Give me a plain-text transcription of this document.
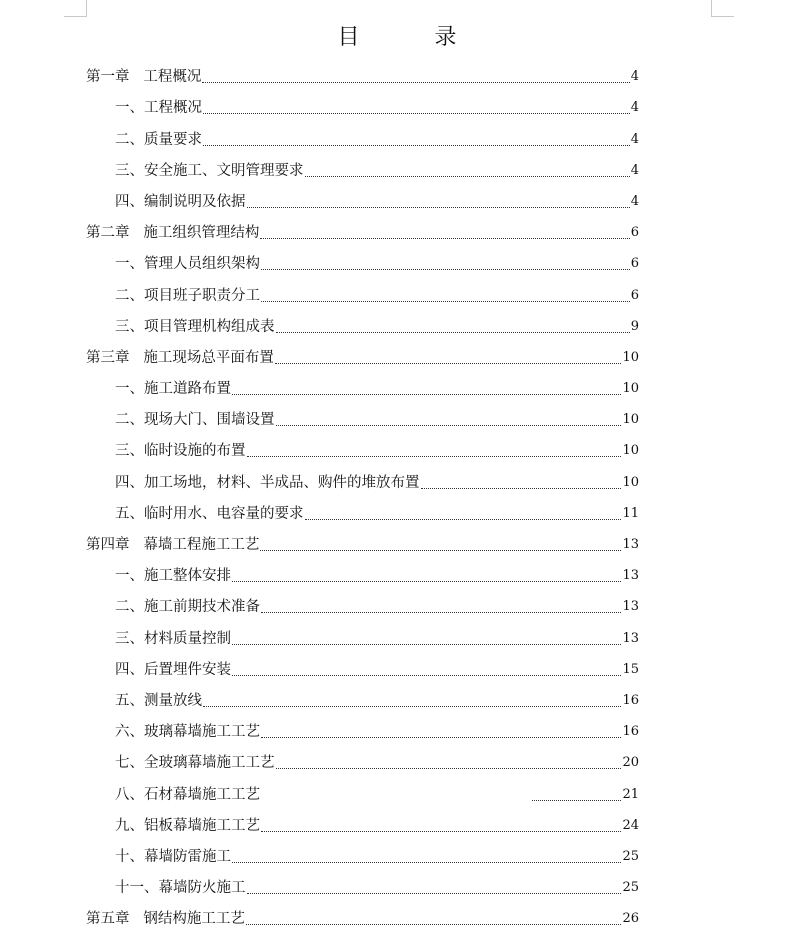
目 录
第一章   工程概况	4
一、工程概况	4
二、质量要求	4
三、安全施工、文明管理要求	4
四、编制说明及依据	4
第二章   施工组织管理结构	6
一、管理人员组织架构	6
二、项目班子职责分工	6
三、项目管理机构组成表	9
第三章   施工现场总平面布置	10
一、施工道路布置	10
二、现场大门、围墙设置	10
三、临时设施的布置	10
四、加工场地，材料、半成品、购件的堆放布置	10
五、临时用水、电容量的要求	11
第四章   幕墙工程施工工艺	13
一、施工整体安排	13
二、施工前期技术准备	13
三、材料质量控制	13
四、后置埋件安装	15
五、测量放线	16
六、玻璃幕墙施工工艺	16
七、全玻璃幕墙施工工艺	20
八、石材幕墙施工工艺	21
九、铝板幕墙施工工艺	24
十、幕墙防雷施工	25
十一、幕墙防火施工	25
第五章   钢结构施工工艺	26
